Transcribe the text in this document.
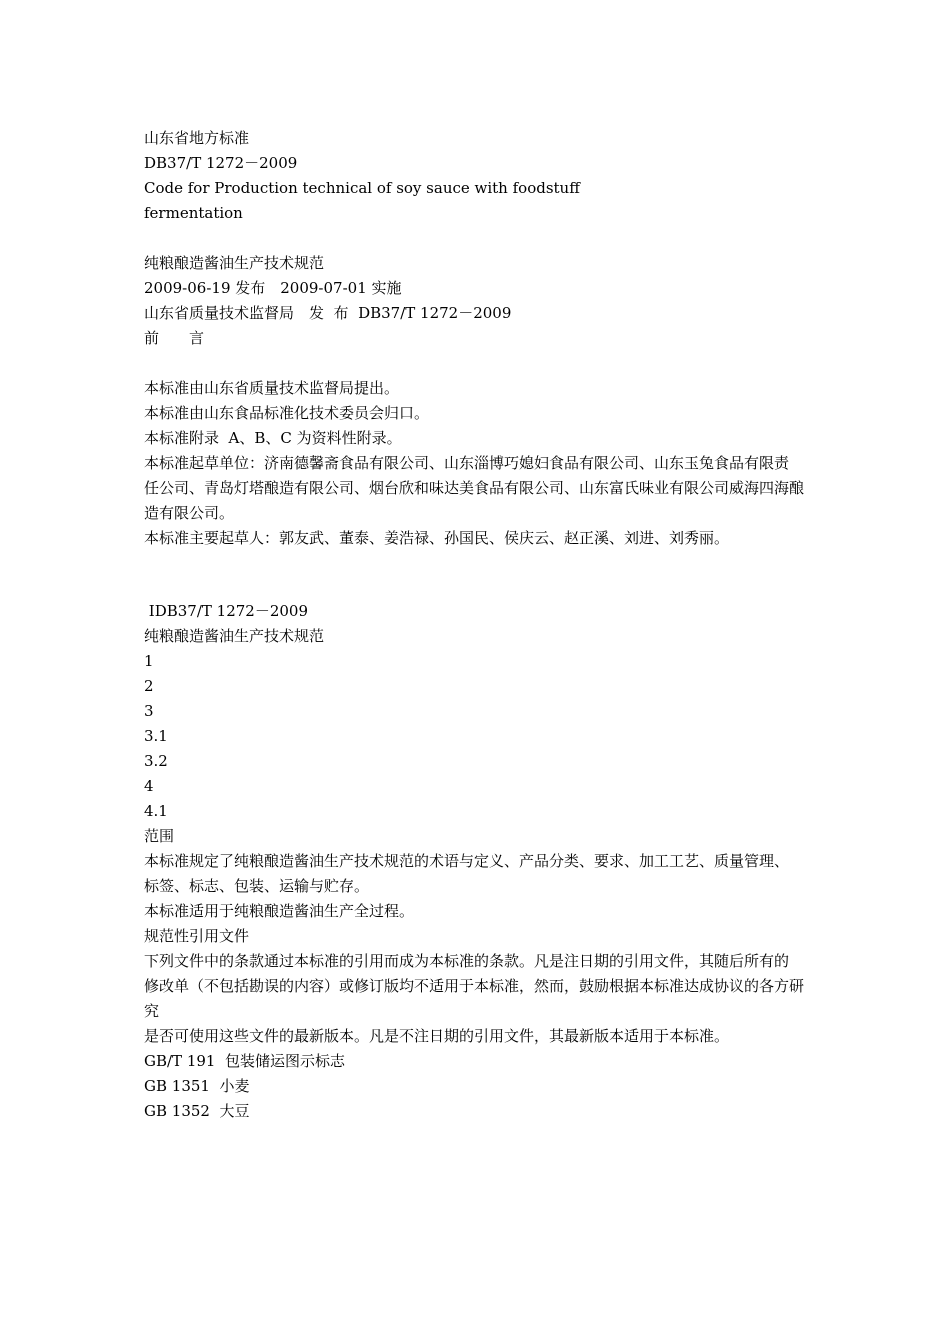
山东省地方标准
DB37/T 1272－2009
Code for Production technical of soy sauce with foodstuff
fermentation
纯粮酿造酱油生产技术规范
2009-06-19 发布　2009-07-01 实施
山东省质量技术监督局　发  布  DB37/T 1272－2009
前　　言
本标准由山东省质量技术监督局提出。
本标准由山东食品标准化技术委员会归口。
本标准附录  A、B、C 为资料性附录。
本标准起草单位：济南德馨斋食品有限公司、山东淄博巧媳妇食品有限公司、山东玉兔食品有限责
任公司、青岛灯塔酿造有限公司、烟台欣和味达美食品有限公司、山东富氏味业有限公司威海四海酿
造有限公司。
本标准主要起草人：郭友武、董泰、姜浩禄、孙国民、侯庆云、赵正溪、刘进、刘秀丽。
IDB37/T 1272－2009
纯粮酿造酱油生产技术规范
1
2
3
3.1
3.2
4
4.1
范围
本标准规定了纯粮酿造酱油生产技术规范的术语与定义、产品分类、要求、加工工艺、质量管理、
标签、标志、包装、运输与贮存。
本标准适用于纯粮酿造酱油生产全过程。
规范性引用文件
下列文件中的条款通过本标准的引用而成为本标准的条款。凡是注日期的引用文件，其随后所有的
修改单（不包括勘误的内容）或修订版均不适用于本标准，然而，鼓励根据本标准达成协议的各方研究
是否可使用这些文件的最新版本。凡是不注日期的引用文件，其最新版本适用于本标准。
GB/T 191  包装储运图示标志
GB 1351  小麦
GB 1352  大豆
